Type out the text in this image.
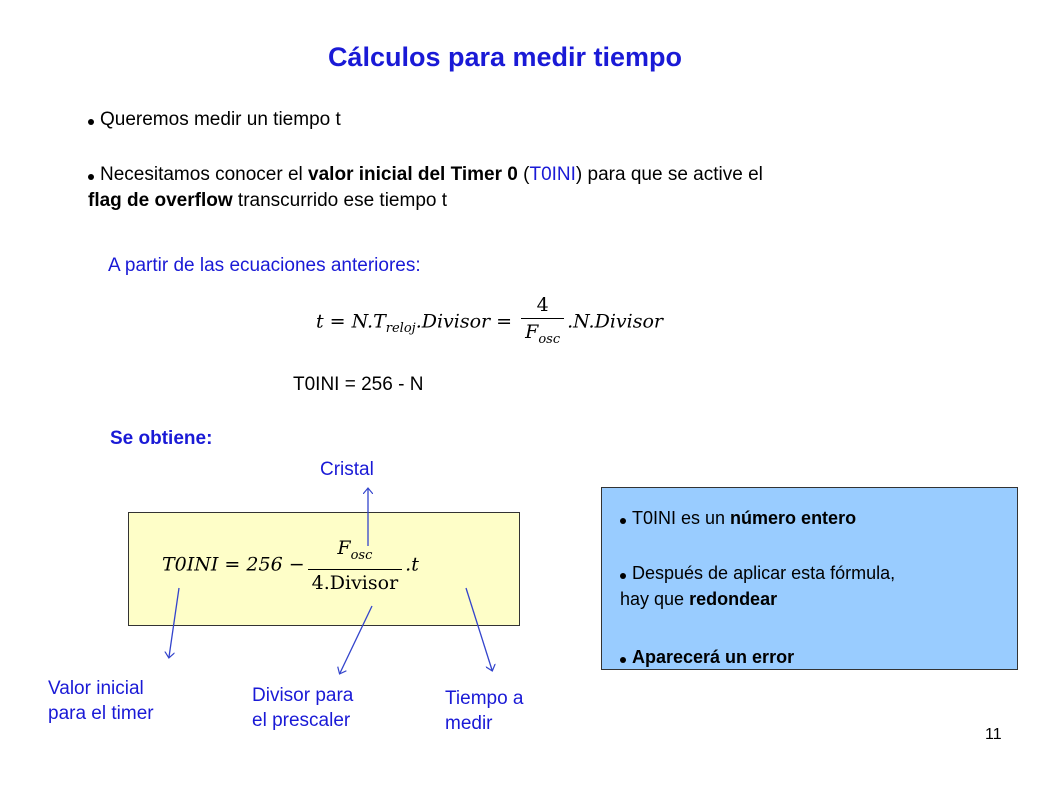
Cálculos para medir tiempo
Queremos medir un tiempo t
Necesitamos conocer el valor inicial del Timer 0 (T0INI) para que se active el
flag de overflow transcurrido ese tiempo t
A partir de las ecuaciones anteriores:
$t = N.T_{reloj}.Divisor = \frac{4}{F_{osc}}$ .N.Divisor
T0INI = 256 - N
Se obtiene:
Cristal
$T0INI = 256 - \frac{F_{osc}}{\text{4.Divisor}} .t$
Valor inicial
para el timer
Divisor para
el prescaler
Tiempo a
medir
T0INI es un número entero
Después de aplicar esta fórmula,
hay que redondear
Aparecerá un error
11
